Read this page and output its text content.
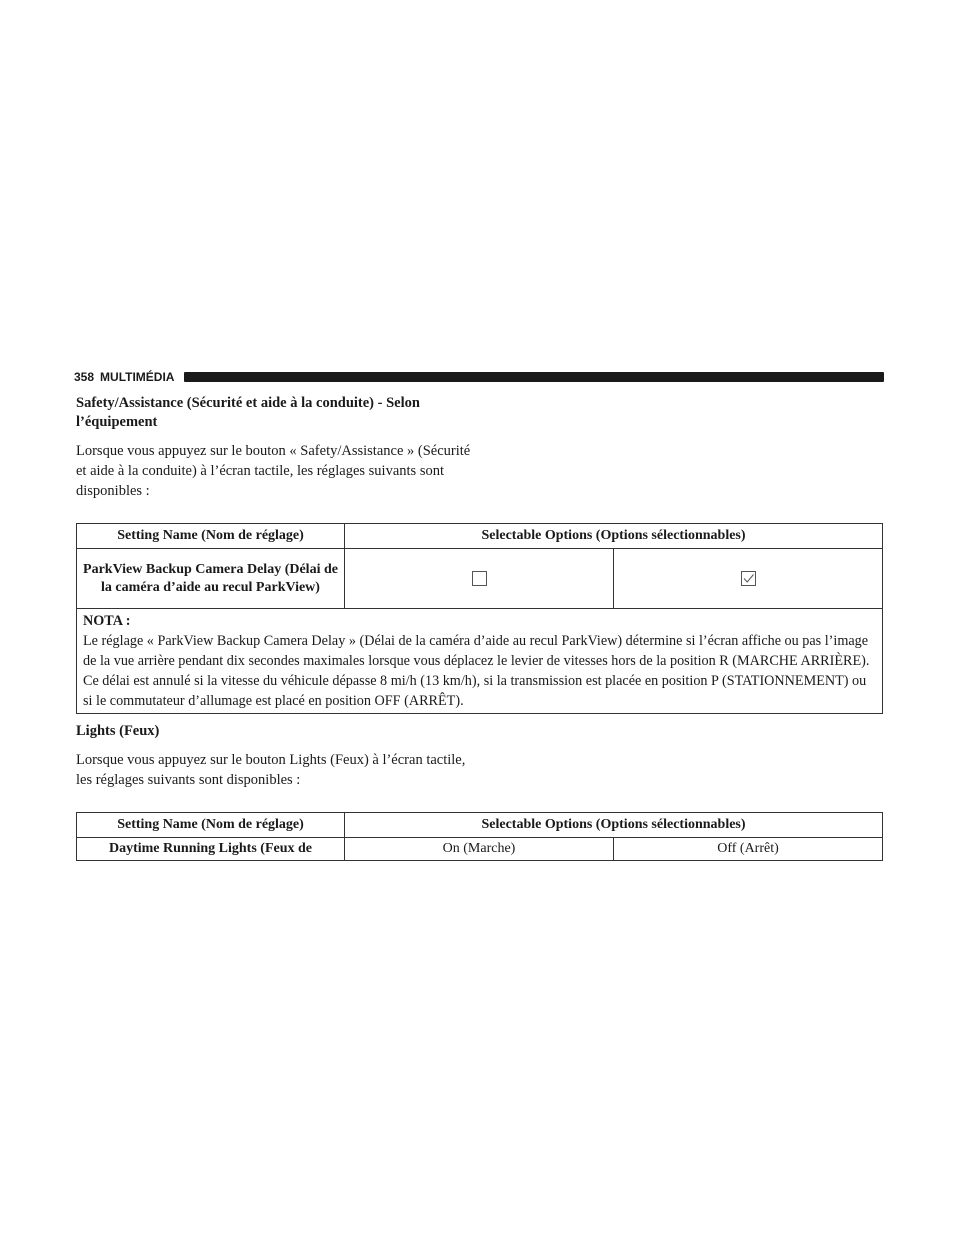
358 MULTIMÉDIA

Safety/Assistance (Sécurité et aide à la conduite) - Selon l’équipement

Lorsque vous appuyez sur le bouton « Safety/Assistance » (Sécurité et aide à la conduite) à l’écran tactile, les réglages suivants sont disponibles :

Setting Name (Nom de réglage)	Selectable Options (Options sélectionnables)	
ParkView Backup Camera Delay (Délai de la caméra d’aide au recul ParkView)		

NOTA :
Le réglage « ParkView Backup Camera Delay » (Délai de la caméra d’aide au recul ParkView) détermine si l’écran affiche ou pas l’image de la vue arrière pendant dix secondes maximales lorsque vous déplacez le levier de vitesses hors de la position R (MARCHE ARRIÈRE). Ce délai est annulé si la vitesse du véhicule dépasse 8 mi/h (13 km/h), si la transmission est placée en position P (STATIONNEMENT) ou si le commutateur d’allumage est placé en position OFF (ARRÊT).		

Lights (Feux)

Lorsque vous appuyez sur le bouton Lights (Feux) à l’écran tactile, les réglages suivants sont disponibles :

Setting Name (Nom de réglage)	Selectable Options (Options sélectionnables)	
Daytime Running Lights (Feux de	On (Marche)	Off (Arrêt)
